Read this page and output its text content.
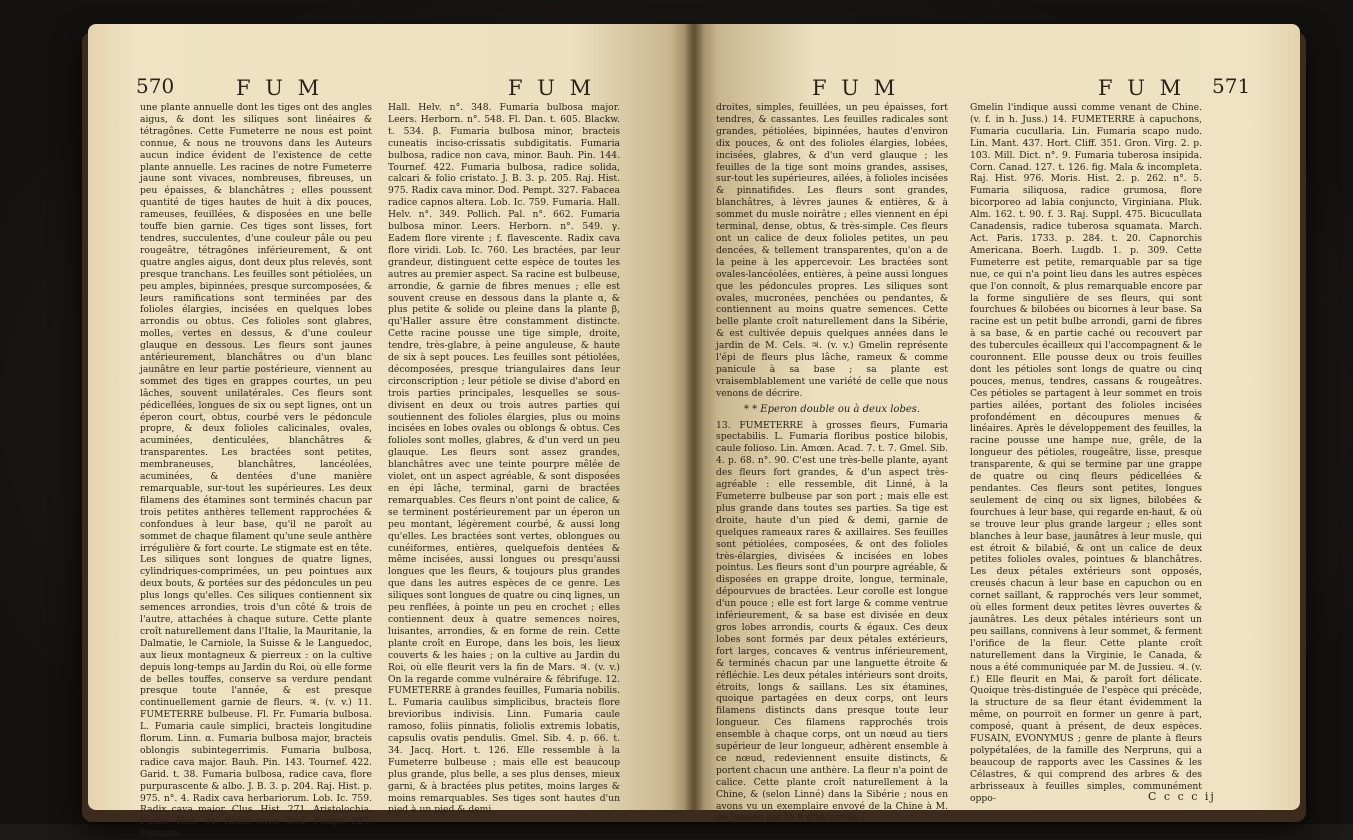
570	F U M	F U M

une plante annuelle dont les tiges ont des angles aigus, & dont les siliques sont linéaires & tétragônes. Cette Fumeterre ne nous est point connue, & nous ne trouvons dans les Auteurs aucun indice évident de l'existence de cette plante annuelle. Les racines de notre Fumeterre jaune sont vivaces, nombreuses, fibreuses, un peu épaisses, & blanchâtres ; elles poussent quantité de tiges hautes de huit à dix pouces, rameuses, feuillées, & disposées en une belle touffe bien garnie. Ces tiges sont lisses, fort tendres, succulentes, d'une couleur pâle ou peu rougeâtre, tétragônes inférieurement, & ont quatre angles aigus, dont deux plus relevés, sont presque tranchans. Les feuilles sont pétiolées, un peu amples, bipinnées, presque surcomposées, & leurs ramifications sont terminées par des folioles élargies, incisées en quelques lobes arrondis ou obtus. Ces folioles sont glabres, molles, vertes en dessus, & d'une couleur glauque en dessous. Les fleurs sont jaunes antérieurement, blanchâtres ou d'un blanc jaunâtre en leur partie postérieure, viennent au sommet des tiges en grappes courtes, un peu lâches, souvent unilatérales. Ces fleurs sont pédicellées, longues de six ou sept lignes, ont un éperon court, obtus, courbé vers le pédoncule propre, & deux folioles calicinales, ovales, acuminées, denticulées, blanchâtres & transparentes. Les bractées sont petites, membraneuses, blanchâtres, lancéolées, acuminées, & dentées d'une manière remarquable, sur-tout les supérieures. Les deux filamens des étamines sont terminés chacun par trois petites anthères tellement rapprochées & confondues à leur base, qu'il ne paroît au sommet de chaque filament qu'une seule anthère irrégulière & fort courte. Le stigmate est en tête. Les siliques sont longues de quatre lignes, cylindriques-comprimées, un peu pointues aux deux bouts, & portées sur des pédoncules un peu plus longs qu'elles. Ces siliques contiennent six semences arrondies, trois d'un côté & trois de l'autre, attachées à chaque suture. Cette plante croît naturellement dans l'Italie, la Mauritanie, la Dalmatie, le Carniole, la Suisse & le Languedoc, aux lieux montagneux & pierreux : on la cultive depuis long-temps au Jardin du Roi, où elle forme de belles touffes, conserve sa verdure pendant presque toute l'année, & est presque continuellement garnie de fleurs. ♃. (v. v.) 11. FUMETERRE bulbeuse. Fl. Fr. Fumaria bulbosa. L. Fumaria caule simplici, bracteis longitudine florum. Linn. α. Fumaria bulbosa major, bracteis oblongis subintegerrimis. Fumaria bulbosa, radice cava major. Bauh. Pin. 143. Tournef. 422. Garid. t. 38. Fumaria bulbosa, radice cava, flore purpurascente & albo. J. B. 3. p. 204. Raj. Hist. p. 975. n°. 4. Radix cava herbariorum. Lob. Ic. 759. Radix cava major. Clus. Hist. 271. Aristolochia. Fuchs. Hist. 91. Radix cava. Dod. Pempt. 327. Fumaria.

Hall. Helv. n°. 348. Fumaria bulbosa major. Leers. Herborn. n°. 548. Fl. Dan. t. 605. Blackw. t. 534. β. Fumaria bulbosa minor, bracteis cuneatis inciso-crissatis subdigitatis. Fumaria bulbosa, radice non cava, minor. Bauh. Pin. 144. Tournef. 422. Fumaria bulbosa, radice solida, calcari & folio cristato. J. B. 3. p. 205. Raj. Hist. 975. Radix cava minor. Dod. Pempt. 327. Fabacea radice capnos altera. Lob. Ic. 759. Fumaria. Hall. Helv. n°. 349. Pollich. Pal. n°. 662. Fumaria bulbosa minor. Leers. Herborn. n°. 549. γ. Eadem flore virente ; f. flavescente. Radix cava flore viridi. Lob. Ic. 760. Les bractées, par leur grandeur, distinguent cette espèce de toutes les autres au premier aspect. Sa racine est bulbeuse, arrondie, & garnie de fibres menues ; elle est souvent creuse en dessous dans la plante α, & plus petite & solide ou pleine dans la plante β, qu'Haller assure être constamment distincte. Cette racine pousse une tige simple, droite, tendre, très-glabre, à peine anguleuse, & haute de six à sept pouces. Les feuilles sont pétiolées, décomposées, presque triangulaires dans leur circonscription ; leur pétiole se divise d'abord en trois parties principales, lesquelles se sous-divisent en deux ou trois autres parties qui soutiennent des folioles élargies, plus ou moins incisées en lobes ovales ou oblongs & obtus. Ces folioles sont molles, glabres, & d'un verd un peu glauque. Les fleurs sont assez grandes, blanchâtres avec une teinte pourpre mêlée de violet, ont un aspect agréable, & sont disposées en épi lâche, terminal, garni de bractées remarquables. Ces fleurs n'ont point de calice, & se terminent postérieurement par un éperon un peu montant, légèrement courbé, & aussi long qu'elles. Les bractées sont vertes, oblongues ou cunéiformes, entières, quelquefois dentées & même incisées, aussi longues ou presqu'aussi longues que les fleurs, & toujours plus grandes que dans les autres espèces de ce genre. Les siliques sont longues de quatre ou cinq lignes, un peu renflées, à pointe un peu en crochet ; elles contiennent deux à quatre semences noires, luisantes, arrondies, & en forme de rein. Cette plante croît en Europe, dans les bois, les lieux couverts & les haies ; on la cultive au Jardin du Roi, où elle fleurit vers la fin de Mars. ♃. (v. v.) On la regarde comme vulnéraire & fébrifuge. 12. FUMETERRE à grandes feuilles, Fumaria nobilis. L. Fumaria caulibus simplicibus, bracteis flore brevioribus indivisis. Linn. Fumaria caule ramoso, foliis pinnatis, foliolis extremis lobatis, capsulis ovatis pendulis. Gmel. Sib. 4. p. 66. t. 34. Jacq. Hort. t. 126. Elle ressemble à la Fumeterre bulbeuse ; mais elle est beaucoup plus grande, plus belle, a ses plus denses, mieux garni, & à bractées plus petites, moins larges & moins remarquables. Ses tiges sont hautes d'un pied à un pied & demi,

F U M	F U M 571

droites, simples, feuillées, un peu épaisses, fort tendres, & cassantes. Les feuilles radicales sont grandes, pétiolées, bipinnées, hautes d'environ dix pouces, & ont des folioles élargies, lobées, incisées, glabres, & d'un verd glauque ; les feuilles de la tige sont moins grandes, assises, sur-tout les supérieures, ailées, à folioles incisées & pinnatifides. Les fleurs sont grandes, blanchâtres, à lèvres jaunes & entières, & à sommet du musle noirâtre ; elles viennent en épi terminal, dense, obtus, & très-simple. Ces fleurs ont un calice de deux folioles petites, un peu dencées, & tellement transparentes, qu'on a de la peine à les appercevoir. Les bractées sont ovales-lancéolées, entières, à peine aussi longues que les pédoncules propres. Les siliques sont ovales, mucronées, penchées ou pendantes, & contiennent au moins quatre semences. Cette belle plante croît naturellement dans la Sibérie, & est cultivée depuis quelques années dans le jardin de M. Cels. ♃. (v. v.) Gmelin représente l'épi de fleurs plus lâche, rameux & comme panicule à sa base ; sa plante est vraisemblablement une variété de celle que nous venons de décrire.

* * Eperon double ou à deux lobes.

13. FUMETERRE à grosses fleurs, Fumaria spectabilis. L. Fumaria floribus postice bilobis, caule folioso. Lin. Amœn. Acad. 7. t. 7. Gmel. Sib. 4. p. 68. n°. 90. C'est une très-belle plante, ayant des fleurs fort grandes, & d'un aspect très-agréable : elle ressemble, dit Linné, à la Fumeterre bulbeuse par son port ; mais elle est plus grande dans toutes ses parties. Sa tige est droite, haute d'un pied & demi, garnie de quelques rameaux rares & axillaires. Ses feuilles sont pétiolées, composées, & ont des folioles très-élargies, divisées & incisées en lobes pointus. Les fleurs sont d'un pourpre agréable, & disposées en grappe droite, longue, terminale, dépourvues de bractées. Leur corolle est longue d'un pouce ; elle est fort large & comme ventrue inférieurement, & sa base est divisée en deux gros lobes arrondis, courts & égaux. Ces deux lobes sont formés par deux pétales extérieurs, fort larges, concaves & ventrus inférieurement, & terminés chacun par une languette étroite & réfléchie. Les deux pétales intérieurs sont droits, étroits, longs & saillans. Les six étamines, quoique partagées en deux corps, ont leurs filamens distincts dans presque toute leur longueur. Ces filamens rapprochés trois ensemble à chaque corps, ont un nœud au tiers supérieur de leur longueur, adhèrent ensemble à ce nœud, redeviennent ensuite distincts, & portent chacun une anthère. La fleur n'a point de calice. Cette plante croît naturellement à la Chine, & (selon Linné) dans la Sibérie ; nous en avons vu un exemplaire envoyé de la Chine à M. de Jussieu par le P. d'Incarville ;

Gmelin l'indique aussi comme venant de Chine. (v. f. in h. Juss.) 14. FUMETERRE à capuchons, Fumaria cucullaria. Lin. Fumaria scapo nudo. Lin. Mant. 437. Hort. Cliff. 351. Gron. Virg. 2. p. 103. Mill. Dict. n°. 9. Fumaria tuberosa insipida. Corn. Canad. 127. t. 126. fig. Mala & incompleta. Raj. Hist. 976. Moris. Hist. 2. p. 262. n°. 5. Fumaria siliquosa, radice grumosa, flore bicorporeo ad labia conjuncto, Virginiana. Pluk. Alm. 162. t. 90. f. 3. Raj. Suppl. 475. Bicucullata Canadensis, radice tuberosa squamata. March. Act. Paris. 1733. p. 284. t. 20. Capnorchis Americana. Boerh. Lugdb. 1. p. 309. Cette Fumeterre est petite, remarquable par sa tige nue, ce qui n'a point lieu dans les autres espèces que l'on connoît, & plus remarquable encore par la forme singulière de ses fleurs, qui sont fourchues & bilobées ou bicornes à leur base. Sa racine est un petit bulbe arrondi, garni de fibres à sa base, & en partie caché ou recouvert par des tubercules écailleux qui l'accompagnent & le couronnent. Elle pousse deux ou trois feuilles dont les pétioles sont longs de quatre ou cinq pouces, menus, tendres, cassans & rougeâtres. Ces pétioles se partagent à leur sommet en trois parties ailées, portant des folioles incisées profondément en découpures menues & linéaires. Après le développement des feuilles, la racine pousse une hampe nue, grêle, de la longueur des pétioles, rougeâtre, lisse, presque transparente, & qui se termine par une grappe de quatre ou cinq fleurs pédicellées & pendantes. Ces fleurs sont petites, longues seulement de cinq ou six lignes, bilobées & fourchues à leur base, qui regarde en-haut, & où se trouve leur plus grande largeur ; elles sont blanches à leur base, jaunâtres à leur musle, qui est étroit & bilabié, & ont un calice de deux petites folioles ovales, pointues & blanchâtres. Les deux pétales extérieurs sont opposés, creusés chacun à leur base en capuchon ou en cornet saillant, & rapprochés vers leur sommet, où elles forment deux petites lèvres ouvertes & jaunâtres. Les deux pétales intérieurs sont un peu saillans, connivens à leur sommet, & ferment l'orifice de la fleur. Cette plante croît naturellement dans la Virginie, le Canada, & nous a été communiquée par M. de Jussieu. ♃. (v. f.) Elle fleurit en Mai, & paroît fort délicate. Quoique très-distinguée de l'espèce qui précède, la structure de sa fleur étant évidemment la même, on pourroit en former un genre à part, composé, quant à présent, de deux espèces. FUSAIN, EVONYMUS ; genre de plante à fleurs polypétalées, de la famille des Nerpruns, qui a beaucoup de rapports avec les Cassines & les Célastres, & qui comprend des arbres & des arbrisseaux à feuilles simples, communément oppo-	C c c c ij
